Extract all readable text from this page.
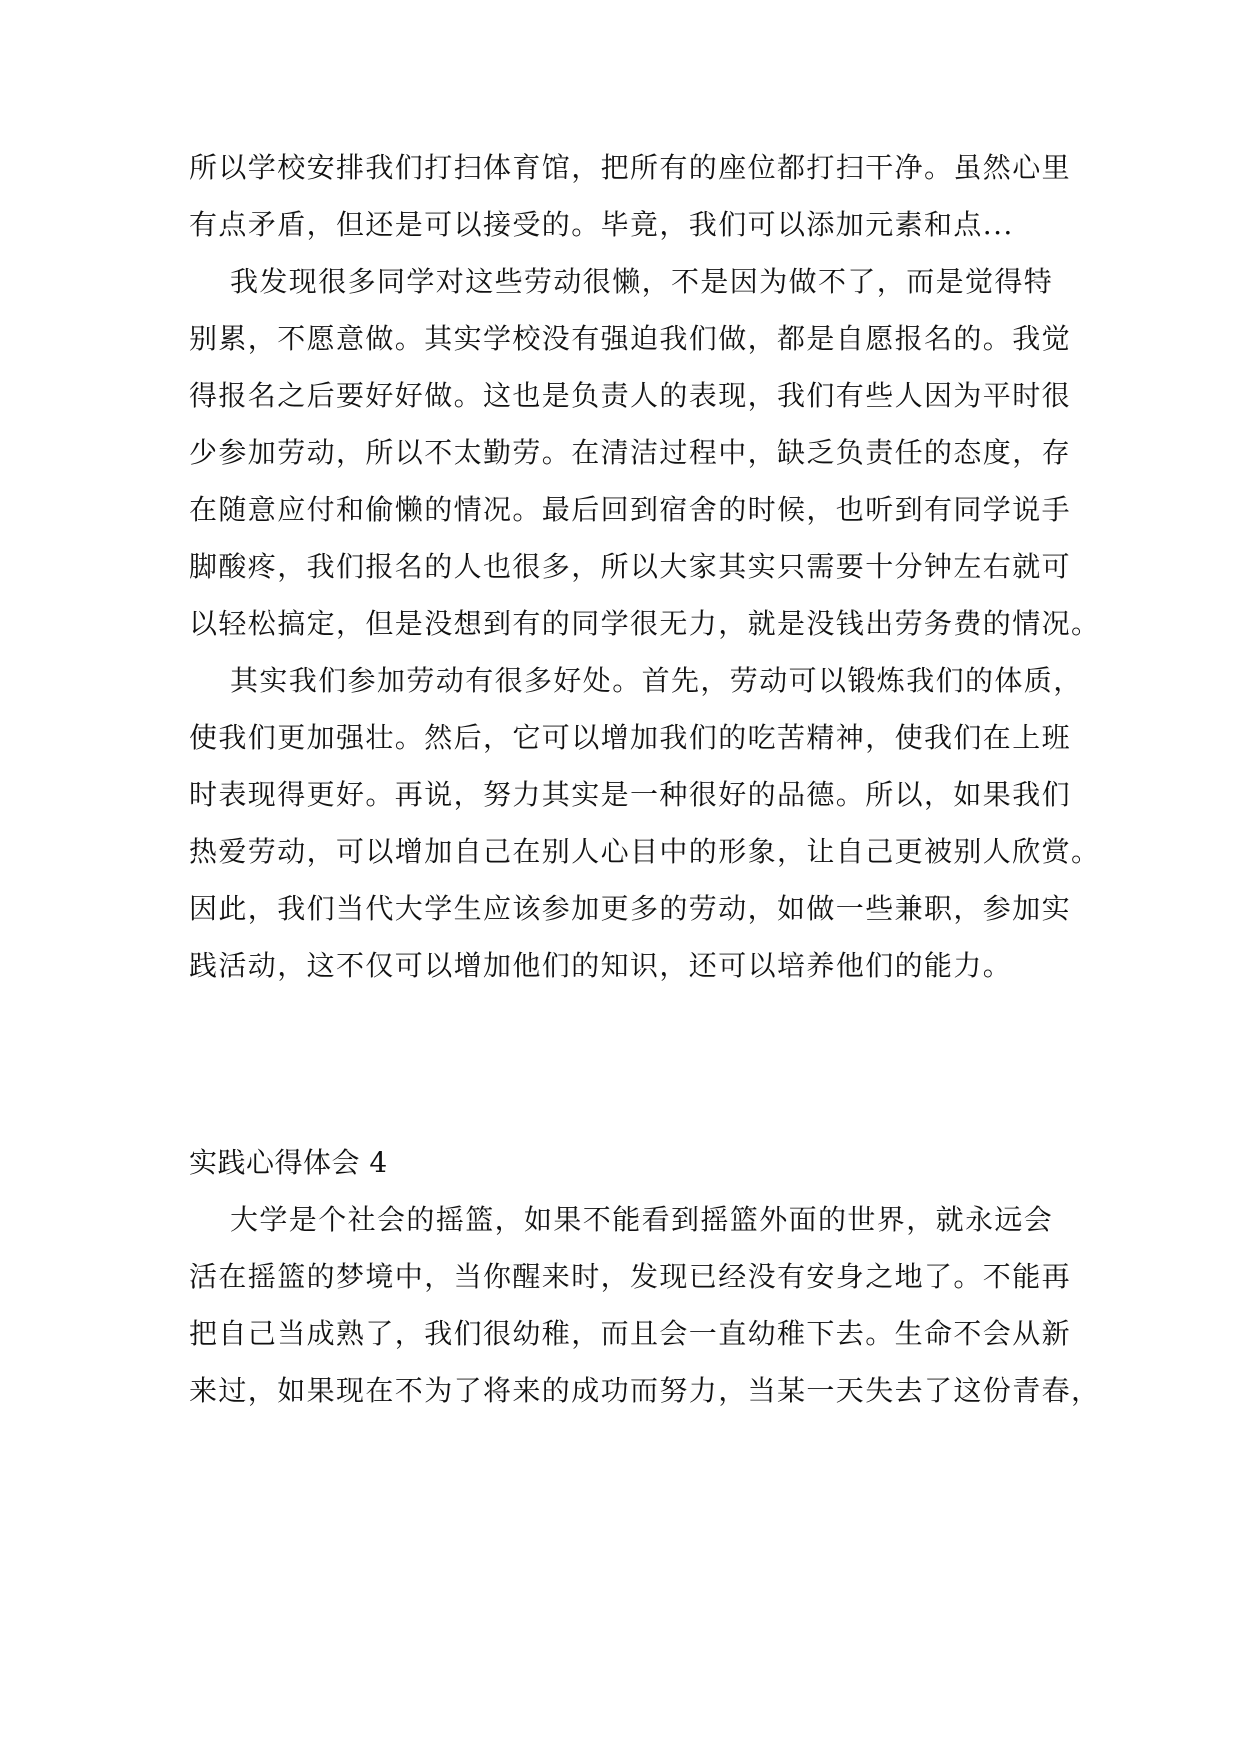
所以学校安排我们打扫体育馆，把所有的座位都打扫干净。虽然心里
有点矛盾，但还是可以接受的。毕竟，我们可以添加元素和点...
我发现很多同学对这些劳动很懒，不是因为做不了，而是觉得特
别累，不愿意做。其实学校没有强迫我们做，都是自愿报名的。我觉
得报名之后要好好做。这也是负责人的表现，我们有些人因为平时很
少参加劳动，所以不太勤劳。在清洁过程中，缺乏负责任的态度，存
在随意应付和偷懒的情况。最后回到宿舍的时候，也听到有同学说手
脚酸疼，我们报名的人也很多，所以大家其实只需要十分钟左右就可
以轻松搞定，但是没想到有的同学很无力，就是没钱出劳务费的情况。
其实我们参加劳动有很多好处。首先，劳动可以锻炼我们的体质，
使我们更加强壮。然后，它可以增加我们的吃苦精神，使我们在上班
时表现得更好。再说，努力其实是一种很好的品德。所以，如果我们
热爱劳动，可以增加自己在别人心目中的形象，让自己更被别人欣赏。
因此，我们当代大学生应该参加更多的劳动，如做一些兼职，参加实
践活动，这不仅可以增加他们的知识，还可以培养他们的能力。
实践心得体会 4
大学是个社会的摇篮，如果不能看到摇篮外面的世界，就永远会
活在摇篮的梦境中，当你醒来时，发现已经没有安身之地了。不能再
把自己当成熟了，我们很幼稚，而且会一直幼稚下去。生命不会从新
来过，如果现在不为了将来的成功而努力，当某一天失去了这份青春，
